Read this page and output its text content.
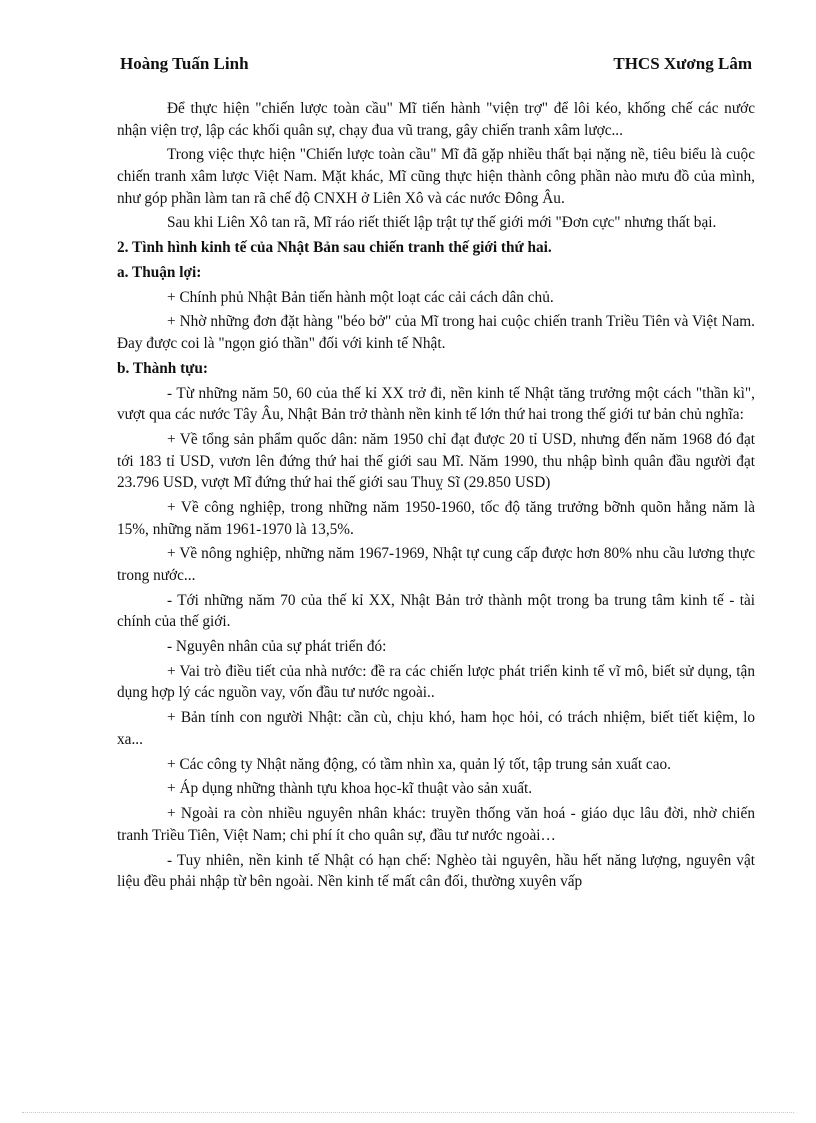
Hoàng Tuấn Linh	THCS Xương Lâm

Để thực hiện "chiến lược toàn cầu" Mĩ tiến hành "viện trợ" để lôi kéo, khống chế các nước nhận viện trợ, lập các khối quân sự, chạy đua vũ trang, gây chiến tranh xâm lược...

Trong việc thực hiện "Chiến lược toàn cầu" Mĩ đã gặp nhiều thất bại nặng nề, tiêu biểu là cuộc chiến tranh xâm lược Việt Nam. Mặt khác, Mĩ cũng thực hiện thành công phần nào mưu đồ của mình, như góp phần làm tan rã chế độ CNXH ở Liên Xô và các nước Đông Âu.

Sau khi Liên Xô tan rã, Mĩ ráo riết thiết lập trật tự thế giới mới "Đơn cực" nhưng thất bại.

2. Tình hình kinh tế của Nhật Bản sau chiến tranh thế giới thứ hai.

a. Thuận lợi:

+ Chính phủ Nhật Bản tiến hành một loạt các cải cách dân chủ.

+ Nhờ những đơn đặt hàng "béo bở" của Mĩ trong hai cuộc chiến tranh Triều Tiên và Việt Nam. Đay được coi là "ngọn gió thần" đối với kinh tế Nhật.

b. Thành tựu:

- Từ những năm 50, 60 của thế kỉ XX trở đi, nền kinh tế Nhật tăng trưởng một cách "thần kì", vượt qua các nước Tây Âu, Nhật Bản trở thành nền kinh tế lớn thứ hai trong thế giới tư bản chủ nghĩa:

+ Về tổng sản phẩm quốc dân: năm 1950 chỉ đạt được 20 tỉ USD, nhưng đến năm 1968 đó đạt tới 183 tỉ USD, vươn lên đứng thứ hai thế giới sau Mĩ. Năm 1990, thu nhập bình quân đầu người đạt 23.796 USD, vượt Mĩ đứng thứ hai thế giới sau Thuỵ Sĩ (29.850 USD)

+ Về công nghiệp, trong những năm 1950-1960, tốc độ tăng trưởng bỡnh quõn hằng năm là 15%, những năm 1961-1970 là 13,5%.

+ Về nông nghiệp, những năm 1967-1969, Nhật tự cung cấp được hơn 80% nhu cầu lương thực trong nước...

- Tới những năm 70 của thế kỉ XX, Nhật Bản trở thành một trong ba trung tâm kinh tế - tài chính của thế giới.

- Nguyên nhân của sự phát triển đó:

+ Vai trò điều tiết của nhà nước: đề ra các chiến lược phát triển kinh tế vĩ mô, biết sử dụng, tận dụng hợp lý các nguồn vay, vốn đầu tư nước ngoài..

+ Bản tính con người Nhật: cần cù, chịu khó, ham học hỏi, có trách nhiệm, biết tiết kiệm, lo xa...

+ Các công ty Nhật năng động, có tầm nhìn xa, quản lý tốt, tập trung sản xuất cao.

+ Áp dụng những thành tựu khoa học-kĩ thuật vào sản xuất.

+ Ngoài ra còn nhiều nguyên nhân khác: truyền thống văn hoá - giáo dục lâu đời, nhờ chiến tranh Triều Tiên, Việt Nam; chi phí ít cho quân sự, đầu tư nước ngoài…

- Tuy nhiên, nền kinh tế Nhật có hạn chế: Nghèo tài nguyên, hầu hết năng lượng, nguyên vật liệu đều phải nhập từ bên ngoài. Nền kinh tế mất cân đối, thường xuyên vấp
